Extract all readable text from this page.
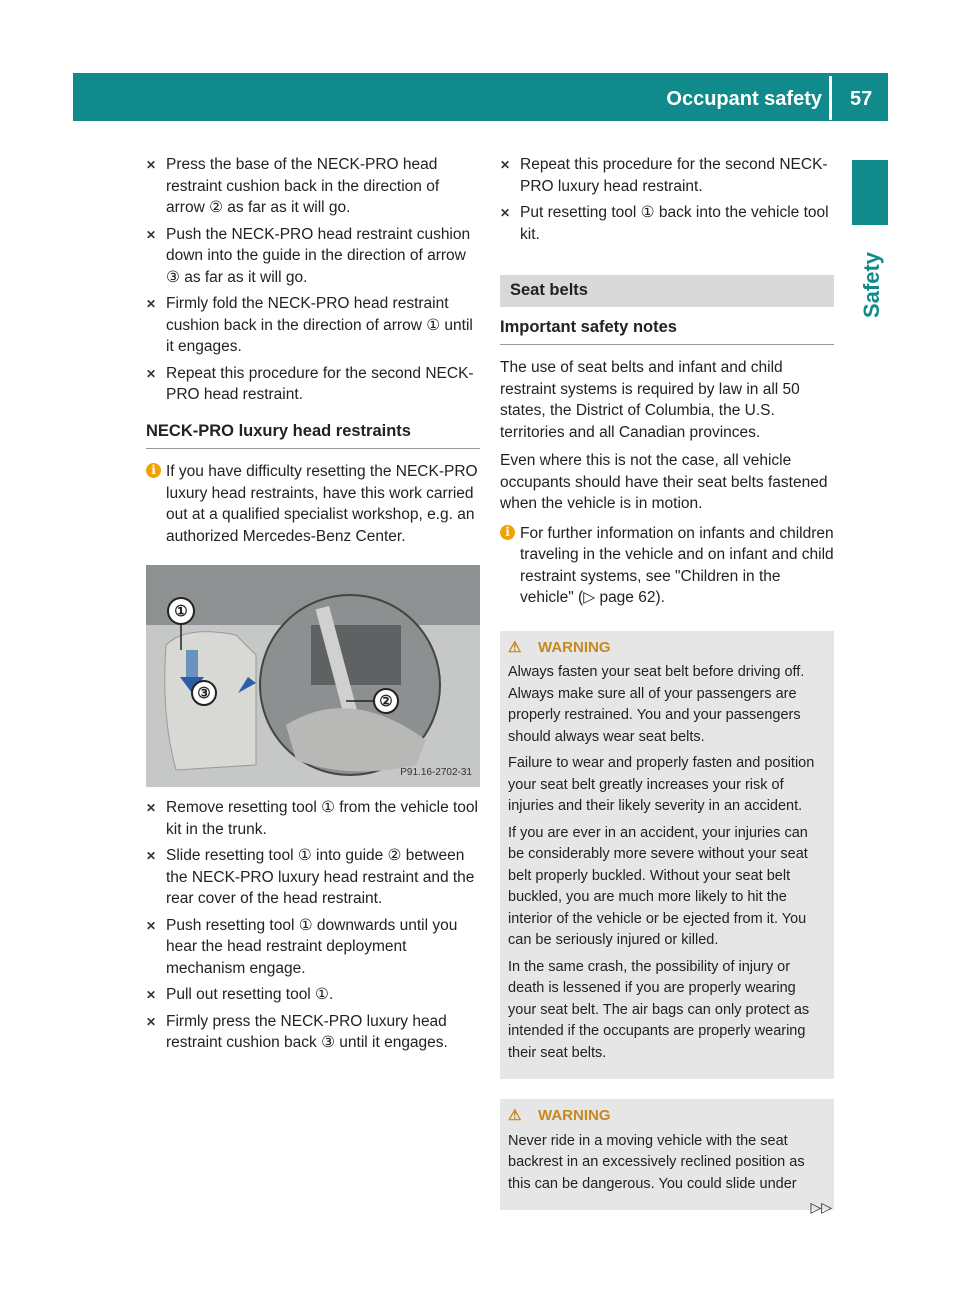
Occupant safety 57
Safety
✕ Press the base of the NECK-PRO head restraint cushion back in the direction of arrow ② as far as it will go.

✕ Push the NECK-PRO head restraint cushion down into the guide in the direction of arrow ③ as far as it will go.

✕ Firmly fold the NECK-PRO head restraint cushion back in the direction of arrow ① until it engages.

✕ Repeat this procedure for the second NECK-PRO head restraint.

NECK-PRO luxury head restraints
i If you have difficulty resetting the NECK-PRO luxury head restraints, have this work carried out at a qualified specialist workshop, e.g. an authorized Mercedes-Benz Center.

①
②
③
P91.16-2702-31
✕ Remove resetting tool ① from the vehicle tool kit in the trunk.

✕ Slide resetting tool ① into guide ② between the NECK-PRO luxury head restraint and the rear cover of the head restraint.

✕ Push resetting tool ① downwards until you hear the head restraint deployment mechanism engage.

✕ Pull out resetting tool ①.

✕ Firmly press the NECK-PRO luxury head restraint cushion back ③ until it engages.

✕ Repeat this procedure for the second NECK-PRO luxury head restraint.

✕ Put resetting tool ① back into the vehicle tool kit.

Seat belts
Important safety notes

The use of seat belts and infant and child restraint systems is required by law in all 50 states, the District of Columbia, the U.S. territories and all Canadian provinces.

Even where this is not the case, all vehicle occupants should have their seat belts fastened when the vehicle is in motion.

i For further information on infants and children traveling in the vehicle and on infant and child restraint systems, see "Children in the vehicle" (▷ page 62).

⚠ WARNING

Always fasten your seat belt before driving off. Always make sure all of your passengers are properly restrained. You and your passengers should always wear seat belts.

Failure to wear and properly fasten and position your seat belt greatly increases your risk of injuries and their likely severity in an accident.

If you are ever in an accident, your injuries can be considerably more severe without your seat belt properly buckled. Without your seat belt buckled, you are much more likely to hit the interior of the vehicle or be ejected from it. You can be seriously injured or killed.

In the same crash, the possibility of injury or death is lessened if you are properly wearing your seat belt. The air bags can only protect as intended if the occupants are properly wearing their seat belts.

⚠ WARNING

Never ride in a moving vehicle with the seat backrest in an excessively reclined position as this can be dangerous. You could slide under

▷▷
